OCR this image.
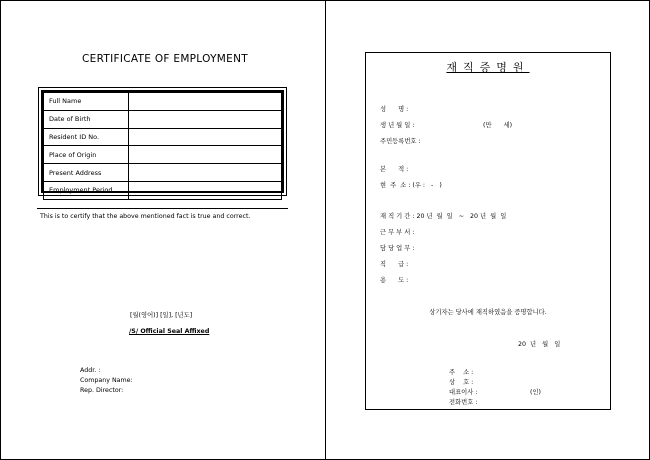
CERTIFICATE OF EMPLOYMENT
Full Name	
Date of Birth	
Resident ID No.	
Place of Origin	
Present Address	
Employment Period	
This is to certify that the above mentioned fact is true and correct.
[월(영어)] [일], [년도]
/S/ Official Seal Affixed
Addr. :
Company Name:
Rep. Director:
재직증명원
성      명 :
생 년 월 일 :	(만      세)
주민등록번호 :
본      적 :
현  주  소 : (우 :   -   )
재 직 기 간 : 20 년  월  일   ~   20 년  월  일
근 무 부 서 :
담 당 업 무 :
직      급 :
용      도 :
상기자는 당사에 재직하였음을 증명합니다.
20  년   월   일
주    소 :
상    호 :
대표이사 :	(인)
전화번호 :
